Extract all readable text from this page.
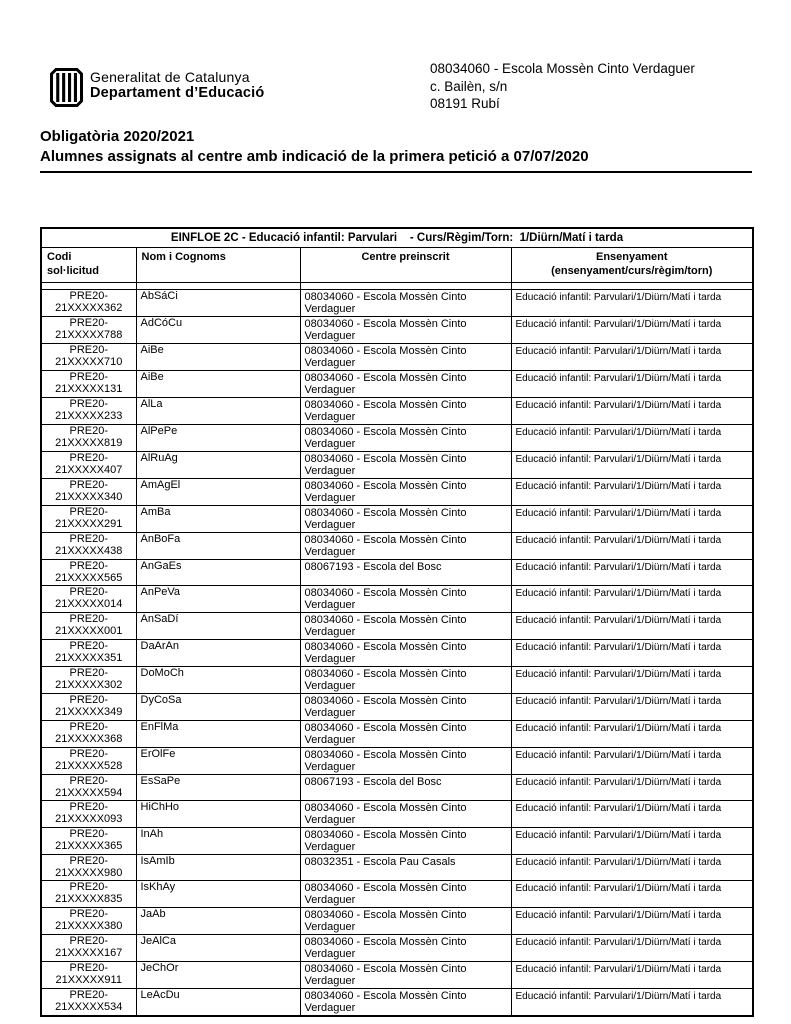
Generalitat de Catalunya
Departament d’Educació
08034060 - Escola Mossèn Cinto Verdaguer
c. Bailèn, s/n
08191 Rubí
Obligatòria 2020/2021
Alumnes assignats al centre amb indicació de la primera petició a 07/07/2020
EINFLOE 2C - Educació infantil: Parvulari    - Curs/Règim/Torn:  1/Diürn/Matí i tarda			

Codi
sol·licitud	Nom i Cognoms	Centre preinscrit	Ensenyament
(ensenyament/curs/règim/torn)

PRE20-
21XXXXX362	AbSáCi	08034060 - Escola Mossèn Cinto Verdaguer	Educació infantil: Parvulari/1/Diürn/Matí i tarda

PRE20-
21XXXXX788	AdCóCu	08034060 - Escola Mossèn Cinto Verdaguer	Educació infantil: Parvulari/1/Diürn/Matí i tarda

PRE20-
21XXXXX710	AiBe	08034060 - Escola Mossèn Cinto Verdaguer	Educació infantil: Parvulari/1/Diürn/Matí i tarda

PRE20-
21XXXXX131	AiBe	08034060 - Escola Mossèn Cinto Verdaguer	Educació infantil: Parvulari/1/Diürn/Matí i tarda

PRE20-
21XXXXX233	AlLa	08034060 - Escola Mossèn Cinto Verdaguer	Educació infantil: Parvulari/1/Diürn/Matí i tarda

PRE20-
21XXXXX819	AlPePe	08034060 - Escola Mossèn Cinto Verdaguer	Educació infantil: Parvulari/1/Diürn/Matí i tarda

PRE20-
21XXXXX407	AlRuAg	08034060 - Escola Mossèn Cinto Verdaguer	Educació infantil: Parvulari/1/Diürn/Matí i tarda

PRE20-
21XXXXX340	AmAgEl	08034060 - Escola Mossèn Cinto Verdaguer	Educació infantil: Parvulari/1/Diürn/Matí i tarda

PRE20-
21XXXXX291	AmBa	08034060 - Escola Mossèn Cinto Verdaguer	Educació infantil: Parvulari/1/Diürn/Matí i tarda

PRE20-
21XXXXX438	AnBoFa	08034060 - Escola Mossèn Cinto Verdaguer	Educació infantil: Parvulari/1/Diürn/Matí i tarda

PRE20-
21XXXXX565	AnGaEs	08067193 - Escola del Bosc	Educació infantil: Parvulari/1/Diürn/Matí i tarda

PRE20-
21XXXXX014	AnPeVa	08034060 - Escola Mossèn Cinto Verdaguer	Educació infantil: Parvulari/1/Diürn/Matí i tarda

PRE20-
21XXXXX001	AnSaDí	08034060 - Escola Mossèn Cinto Verdaguer	Educació infantil: Parvulari/1/Diürn/Matí i tarda

PRE20-
21XXXXX351	DaArAn	08034060 - Escola Mossèn Cinto Verdaguer	Educació infantil: Parvulari/1/Diürn/Matí i tarda

PRE20-
21XXXXX302	DoMoCh	08034060 - Escola Mossèn Cinto Verdaguer	Educació infantil: Parvulari/1/Diürn/Matí i tarda

PRE20-
21XXXXX349	DyCoSa	08034060 - Escola Mossèn Cinto Verdaguer	Educació infantil: Parvulari/1/Diürn/Matí i tarda

PRE20-
21XXXXX368	EnFlMa	08034060 - Escola Mossèn Cinto Verdaguer	Educació infantil: Parvulari/1/Diürn/Matí i tarda

PRE20-
21XXXXX528	ErOlFe	08034060 - Escola Mossèn Cinto Verdaguer	Educació infantil: Parvulari/1/Diürn/Matí i tarda

PRE20-
21XXXXX594	EsSaPe	08067193 - Escola del Bosc	Educació infantil: Parvulari/1/Diürn/Matí i tarda

PRE20-
21XXXXX093	HiChHo	08034060 - Escola Mossèn Cinto Verdaguer	Educació infantil: Parvulari/1/Diürn/Matí i tarda

PRE20-
21XXXXX365	InAh	08034060 - Escola Mossèn Cinto Verdaguer	Educació infantil: Parvulari/1/Diürn/Matí i tarda

PRE20-
21XXXXX980	IsAmIb	08032351 - Escola Pau Casals	Educació infantil: Parvulari/1/Diürn/Matí i tarda

PRE20-
21XXXXX835	IsKhAy	08034060 - Escola Mossèn Cinto Verdaguer	Educació infantil: Parvulari/1/Diürn/Matí i tarda

PRE20-
21XXXXX380	JaAb	08034060 - Escola Mossèn Cinto Verdaguer	Educació infantil: Parvulari/1/Diürn/Matí i tarda

PRE20-
21XXXXX167	JeAlCa	08034060 - Escola Mossèn Cinto Verdaguer	Educació infantil: Parvulari/1/Diürn/Matí i tarda

PRE20-
21XXXXX911	JeChOr	08034060 - Escola Mossèn Cinto Verdaguer	Educació infantil: Parvulari/1/Diürn/Matí i tarda

PRE20-
21XXXXX534	LeAcDu	08034060 - Escola Mossèn Cinto Verdaguer	Educació infantil: Parvulari/1/Diürn/Matí i tarda
